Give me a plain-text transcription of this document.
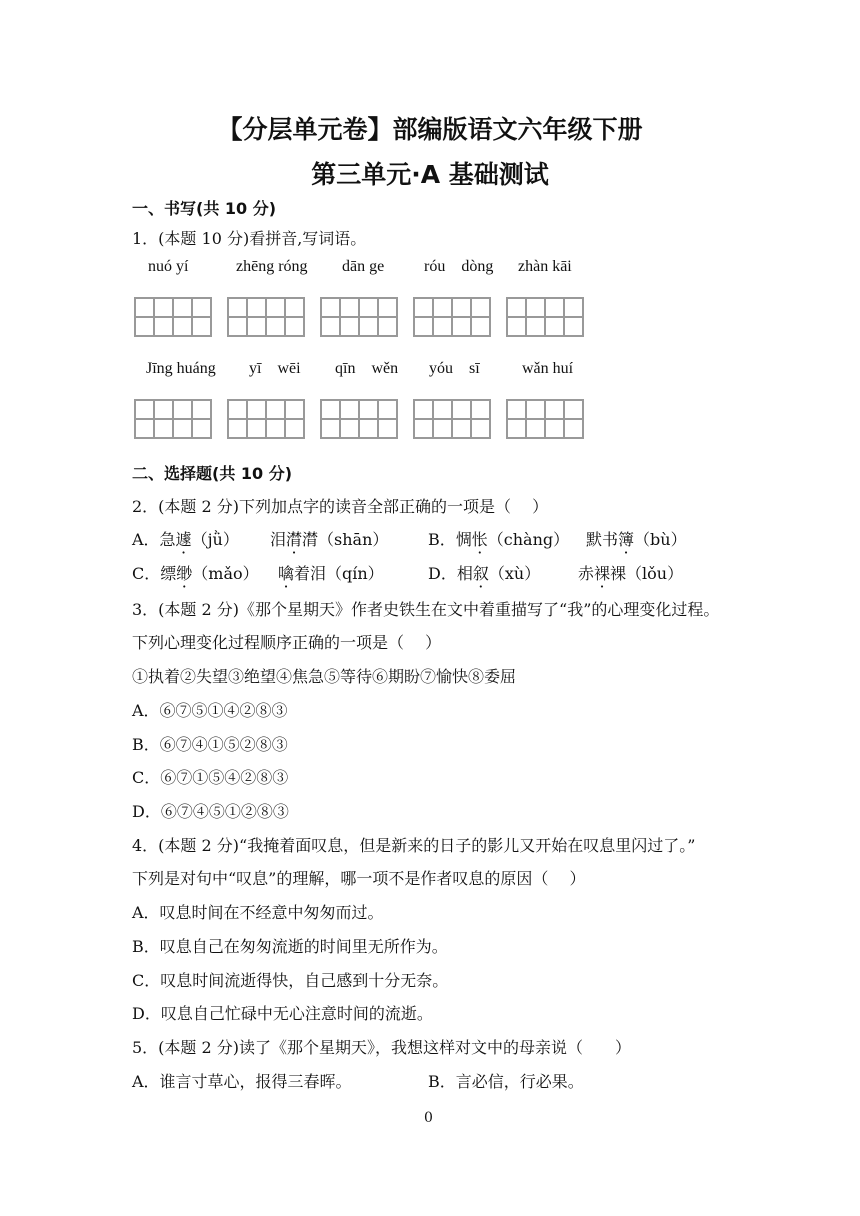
【分层单元卷】部编版语文六年级下册
第三单元·A 基础测试
一、书写(共 10 分)
1．(本题 10 分)看拼音,写词语。
nuó yí	zhēng róng dān ge róu dòng zhàn kāi
Jīng huáng yī wēi qīn wěn yóu sī	wǎn huí
二、选择题(共 10 分)
2．(本题 2 分)下列加点字的读音全部正确的一项是（　 ）
A．急遽（jǜ） 泪潸潸（shān） B．惆怅（chàng） 默书簿（bù）
C．缥缈（mǎo） 噙着泪（qín）	D．相叙（xù） 赤裸裸（lǒu）
3．(本题 2 分)《那个星期天》作者史铁生在文中着重描写了“我”的心理变化过程。
下列心理变化过程顺序正确的一项是（　 ）
①执着②失望③绝望④焦急⑤等待⑥期盼⑦愉快⑧委屈
A．⑥⑦⑤①④②⑧③
B．⑥⑦④①⑤②⑧③
C．⑥⑦①⑤④②⑧③
D．⑥⑦④⑤①②⑧③
4．(本题 2 分)“我掩着面叹息，但是新来的日子的影儿又开始在叹息里闪过了。”
下列是对句中“叹息”的理解，哪一项不是作者叹息的原因（　 ）
A．叹息时间在不经意中匆匆而过。
B．叹息自己在匆匆流逝的时间里无所作为。
C．叹息时间流逝得快，自己感到十分无奈。
D．叹息自己忙碌中无心注意时间的流逝。
5．(本题 2 分)读了《那个星期天》，我想这样对文中的母亲说（　　）
A．谁言寸草心，报得三春晖。	B．言必信，行必果。
0
